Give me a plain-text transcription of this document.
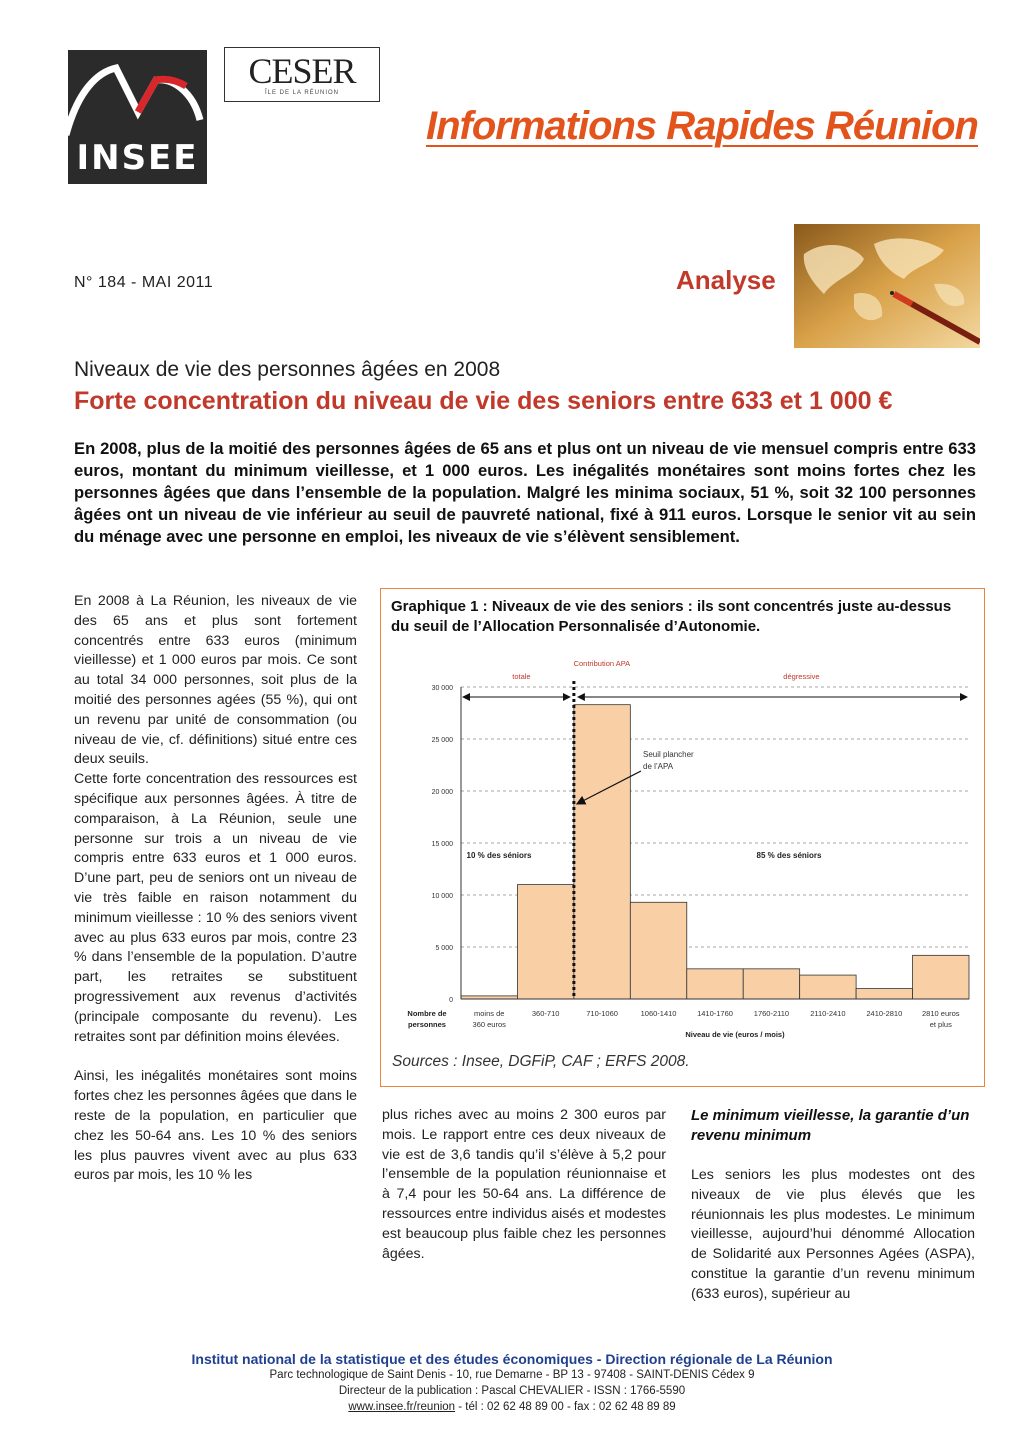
INSEE
CESER
ÎLE DE LA RÉUNION
Informations Rapides Réunion
N° 184 - MAI 2011	Analyse
Niveaux de vie des personnes âgées en 2008
Forte concentration du niveau de vie des seniors entre 633 et 1 000 €
En 2008, plus de la moitié des personnes âgées de 65 ans et plus ont un niveau de vie mensuel compris entre 633 euros, montant du minimum vieillesse, et 1 000 euros. Les inégalités monétaires sont moins fortes chez les personnes âgées que dans l’ensemble de la population. Malgré les minima sociaux, 51 %, soit 32 100 personnes âgées ont un niveau de vie inférieur au seuil de pauvreté national, fixé à 911 euros. Lorsque le senior vit au sein du ménage avec une personne en emploi, les niveaux de vie s’élèvent sensiblement.

En 2008 à La Réunion, les niveaux de vie des 65 ans et plus sont fortement concentrés entre 633 euros (minimum vieillesse) et 1 000 euros par mois. Ce sont au total 34 000 personnes, soit plus de la moitié des personnes agées (55 %), qui ont un revenu par unité de consommation (ou niveau de vie, cf. définitions) situé entre ces deux seuils.

Cette forte concentration des ressources est spécifique aux personnes âgées. À titre de comparaison, à La Réunion, seule une personne sur trois a un niveau de vie compris entre 633 euros et 1 000 euros. D’une part, peu de seniors ont un niveau de vie très faible en raison notamment du minimum vieillesse : 10 % des seniors vivent avec au plus 633 euros par mois, contre 23 % dans l’ensemble de la population. D’autre part, les retraites se substituent progressivement aux revenus d’activités (principale composante du revenu). Les retraites sont par définition moins élevées.

Ainsi, les inégalités monétaires sont moins fortes chez les personnes âgées que dans le reste de la population, en particulier que chez les 50-64 ans. Les 10 % des seniors les plus pauvres vivent avec au plus 633 euros par mois, les 10 % les

0
5 000
10 000
15 000
20 000
25 000
30 000
moins de
360 euros
360-710	710-1060	1060-1410	1410-1760	1760-2110	2110-2410	2410-2810	2810 euros
et plus
Nombre de
personnes
Niveau de vie (euros / mois)
Contribution APA
totale	dégressive
Seuil plancher
de l’APA
10 % des séniors	85 % des séniors
Graphique 1 : Niveaux de vie des seniors : ils sont concentrés juste au-dessus du seuil de l’Allocation Personnalisée d’Autonomie.
Sources : Insee, DGFiP, CAF ; ERFS 2008.

plus riches avec au moins 2 300 euros par mois. Le rapport entre ces deux niveaux de vie est de 3,6 tandis qu’il s’élève à 5,2 pour l’ensemble de la population réunionnaise et à 7,4 pour les 50-64 ans. La différence de ressources entre individus aisés et modestes est beaucoup plus faible chez les personnes âgées.

Le minimum vieillesse, la garantie d’un revenu minimum

Les seniors les plus modestes ont des niveaux de vie plus élevés que les réunionnais les plus modestes. Le minimum vieillesse, aujourd’hui dénommé Allocation de Solidarité aux Personnes Agées (ASPA), constitue la garantie d’un revenu minimum (633 euros), supérieur au

Institut national de la statistique et des études économiques - Direction régionale de La Réunion
Parc technologique de Saint Denis - 10, rue Demarne - BP 13 - 97408 - SAINT-DENIS Cédex 9
Directeur de la publication : Pascal CHEVALIER - ISSN : 1766-5590
www.insee.fr/reunion - tél : 02 62 48 89 00 - fax : 02 62 48 89 89
